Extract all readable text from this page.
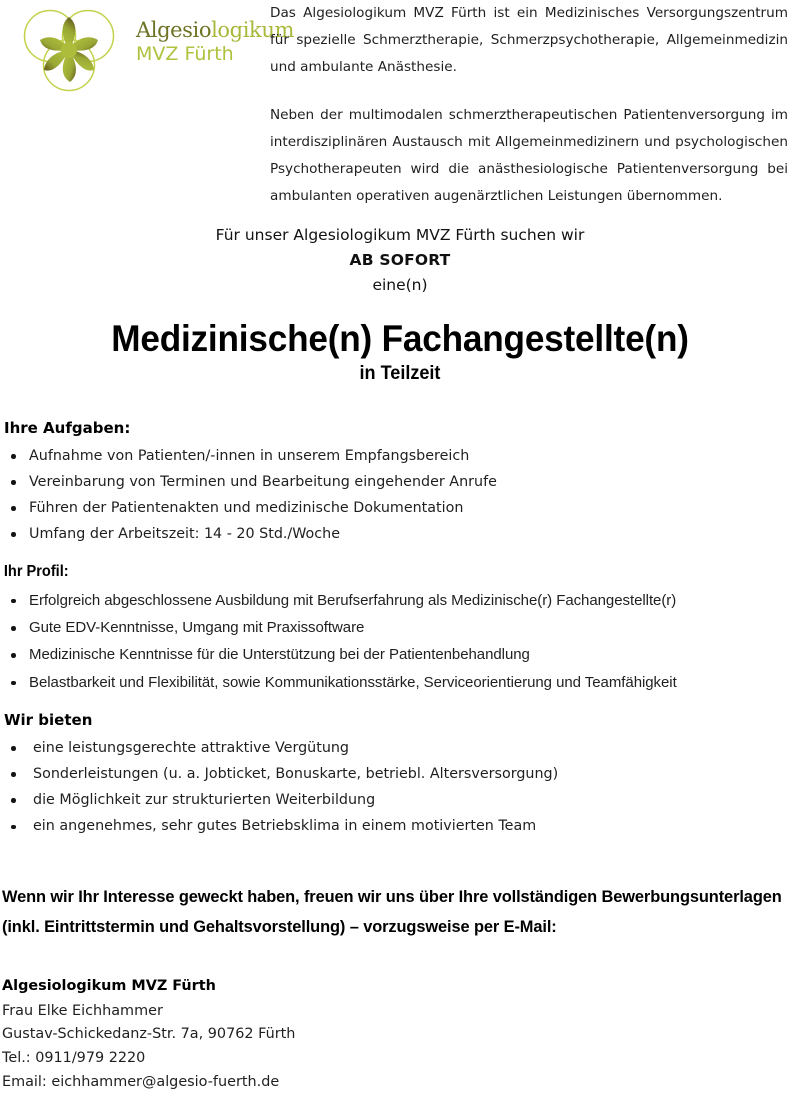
Algesiologikum
MVZ Fürth

Das Algesiologikum MVZ Fürth ist ein Medizinisches Versorgungszentrum für spezielle Schmerztherapie, Schmerzpsychotherapie, Allgemeinmedizin und ambulante Anästhesie.

Neben der multimodalen schmerztherapeutischen Patientenversorgung im interdisziplinären Austausch mit Allgemeinmedizinern und psychologischen Psychotherapeuten wird die anästhesiologische Patientenversorgung bei ambulanten operativen augenärztlichen Leistungen übernommen.

Für unser Algesiologikum MVZ Fürth suchen wir
AB SOFORT
eine(n)
Medizinische(n) Fachangestellte(n)
in Teilzeit
Ihre Aufgaben:
Aufnahme von Patienten/-innen in unserem Empfangsbereich
Vereinbarung von Terminen und Bearbeitung eingehender Anrufe
Führen der Patientenakten und medizinische Dokumentation
Umfang der Arbeitszeit: 14 - 20 Std./Woche
Ihr Profil:
Erfolgreich abgeschlossene Ausbildung mit Berufserfahrung als Medizinische(r) Fachangestellte(r)
Gute EDV-Kenntnisse, Umgang mit Praxissoftware
Medizinische Kenntnisse für die Unterstützung bei der Patientenbehandlung
Belastbarkeit und Flexibilität, sowie Kommunikationsstärke, Serviceorientierung und Teamfähigkeit
Wir bieten
eine leistungsgerechte attraktive Vergütung
Sonderleistungen (u. a. Jobticket, Bonuskarte, betriebl. Altersversorgung)
die Möglichkeit zur strukturierten Weiterbildung
ein angenehmes, sehr gutes Betriebsklima in einem motivierten Team
Wenn wir Ihr Interesse geweckt haben, freuen wir uns über Ihre vollständigen Bewerbungsunterlagen (inkl. Eintrittstermin und Gehaltsvorstellung) – vorzugsweise per E-Mail:
Algesiologikum MVZ Fürth
Frau Elke Eichhammer
Gustav-Schickedanz-Str. 7a, 90762 Fürth
Tel.: 0911/979 2220
Email: eichhammer@algesio-fuerth.de
